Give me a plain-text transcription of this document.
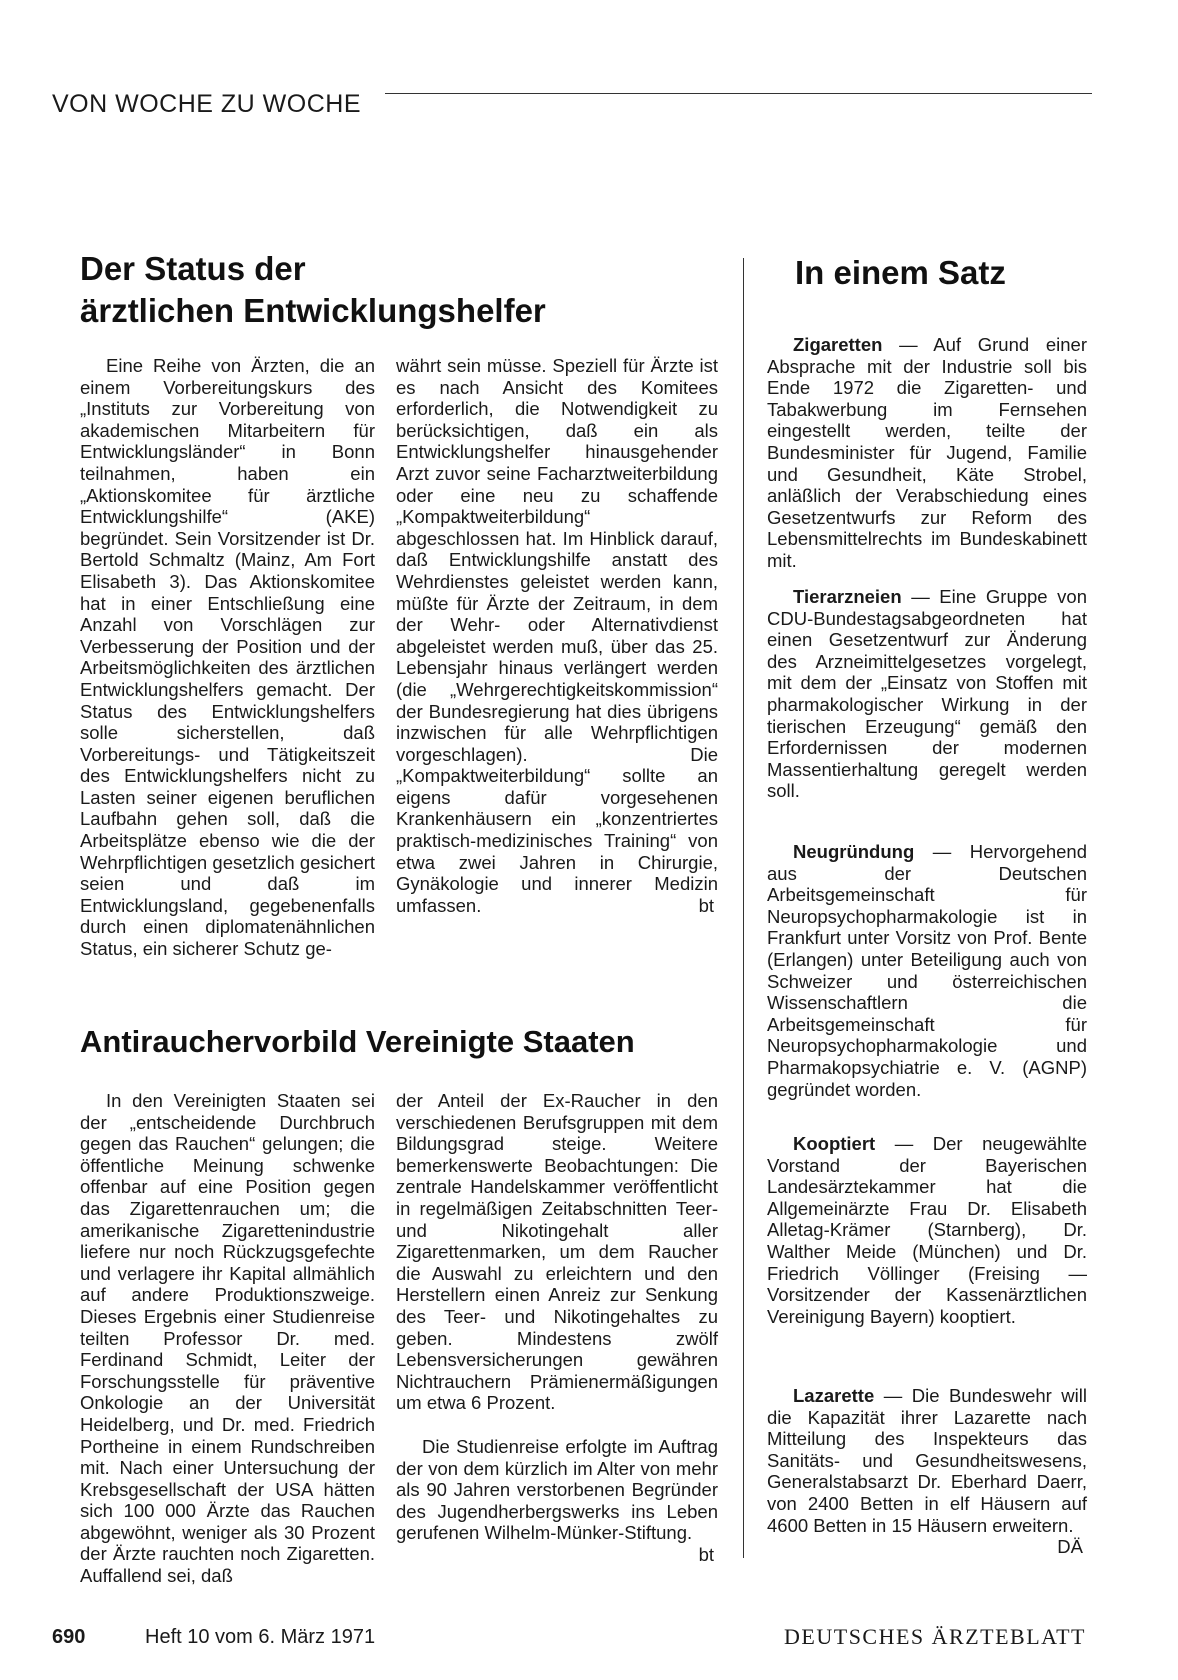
VON WOCHE ZU WOCHE
Der Status der
ärztlichen Entwicklungshelfer

Eine Reihe von Ärzten, die an einem Vorbereitungskurs des „Instituts zur Vorbereitung von akademischen Mitarbeitern für Entwicklungsländer“ in Bonn teilnahmen, haben ein „Aktionskomitee für ärztliche Entwicklungshilfe“ (AKE) begründet. Sein Vorsitzender ist Dr. Bertold Schmaltz (Mainz, Am Fort Elisabeth 3). Das Aktionskomitee hat in einer Entschließung eine Anzahl von Vorschlägen zur Verbesserung der Position und der Arbeitsmöglichkeiten des ärztlichen Entwicklungshelfers gemacht. Der Status des Entwicklungshelfers solle sicherstellen, daß Vorbereitungs- und Tätigkeitszeit des Entwicklungshelfers nicht zu Lasten seiner eigenen beruflichen Laufbahn gehen soll, daß die Arbeitsplätze ebenso wie die der Wehrpflichtigen gesetzlich gesichert seien und daß im Entwicklungsland, gegebenenfalls durch einen diplomatenähnlichen Status, ein sicherer Schutz ge-

währt sein müsse. Speziell für Ärzte ist es nach Ansicht des Komitees erforderlich, die Notwendigkeit zu berücksichtigen, daß ein als Entwicklungshelfer hinausgehender Arzt zuvor seine Facharztweiterbildung oder eine neu zu schaffende „Kompaktweiterbildung“ abgeschlossen hat. Im Hinblick darauf, daß Entwicklungshilfe anstatt des Wehrdienstes geleistet werden kann, müßte für Ärzte der Zeitraum, in dem der Wehr- oder Alternativdienst abgeleistet werden muß, über das 25. Lebensjahr hinaus verlängert werden (die „Wehrgerechtigkeitskommission“ der Bundesregierung hat dies übrigens inzwischen für alle Wehrpflichtigen vorgeschlagen). Die „Kompaktweiterbildung“ sollte an eigens dafür vorgesehenen Krankenhäusern ein „konzentriertes praktisch-medizinisches Training“ von etwa zwei Jahren in Chirurgie, Gynäkologie und innerer Medizin umfassen.	bt

Antirauchervorbild Vereinigte Staaten

In den Vereinigten Staaten sei der „entscheidende Durchbruch gegen das Rauchen“ gelungen; die öffentliche Meinung schwenke offenbar auf eine Position gegen das Zigarettenrauchen um; die amerikanische Zigarettenindustrie liefere nur noch Rückzugsgefechte und verlagere ihr Kapital allmählich auf andere Produktionszweige. Dieses Ergebnis einer Studienreise teilten Professor Dr. med. Ferdinand Schmidt, Leiter der Forschungsstelle für präventive Onkologie an der Universität Heidelberg, und Dr. med. Friedrich Portheine in einem Rundschreiben mit. Nach einer Untersuchung der Krebsgesellschaft der USA hätten sich 100 000 Ärzte das Rauchen abgewöhnt, weniger als 30 Prozent der Ärzte rauchten noch Zigaretten. Auffallend sei, daß

der Anteil der Ex-Raucher in den verschiedenen Berufsgruppen mit dem Bildungsgrad steige. Weitere bemerkenswerte Beobachtungen: Die zentrale Handelskammer veröffentlicht in regelmäßigen Zeitabschnitten Teer- und Nikotingehalt aller Zigarettenmarken, um dem Raucher die Auswahl zu erleichtern und den Herstellern einen Anreiz zur Senkung des Teer- und Nikotingehaltes zu geben. Mindestens zwölf Lebensversicherungen gewähren Nichtrauchern Prämienermäßigungen um etwa 6 Prozent.

Die Studienreise erfolgte im Auftrag der von dem kürzlich im Alter von mehr als 90 Jahren verstorbenen Begründer des Jugendherbergswerks ins Leben gerufenen Wilhelm-Münker-Stiftung.
bt

In einem Satz

Zigaretten — Auf Grund einer Absprache mit der Industrie soll bis Ende 1972 die Zigaretten- und Tabakwerbung im Fernsehen eingestellt werden, teilte der Bundesminister für Jugend, Familie und Gesundheit, Käte Strobel, anläßlich der Verabschiedung eines Gesetzentwurfs zur Reform des Lebensmittelrechts im Bundeskabinett mit.

Tierarzneien — Eine Gruppe von CDU-Bundestagsabgeordneten hat einen Gesetzentwurf zur Änderung des Arzneimittelgesetzes vorgelegt, mit dem der „Einsatz von Stoffen mit pharmakologischer Wirkung in der tierischen Erzeugung“ gemäß den Erfordernissen der modernen Massentierhaltung geregelt werden soll.

Neugründung — Hervorgehend aus der Deutschen Arbeitsgemeinschaft für Neuropsychopharmakologie ist in Frankfurt unter Vorsitz von Prof. Bente (Erlangen) unter Beteiligung auch von Schweizer und österreichischen Wissenschaftlern die Arbeitsgemeinschaft für Neuropsychopharmakologie und Pharmakopsychiatrie e. V. (AGNP) gegründet worden.

Kooptiert — Der neugewählte Vorstand der Bayerischen Landesärztekammer hat die Allgemeinärzte Frau Dr. Elisabeth Alletag-Krämer (Starnberg), Dr. Walther Meide (München) und Dr. Friedrich Völlinger (Freising — Vorsitzender der Kassenärztlichen Vereinigung Bayern) kooptiert.

Lazarette — Die Bundeswehr will die Kapazität ihrer Lazarette nach Mitteilung des Inspekteurs das Sanitäts- und Gesundheitswesens, Generalstabsarzt Dr. Eberhard Daerr, von 2400 Betten in elf Häusern auf 4600 Betten in 15 Häusern erweitern.
DÄ

690	Heft 10 vom 6. März 1971	DEUTSCHES ÄRZTEBLATT
